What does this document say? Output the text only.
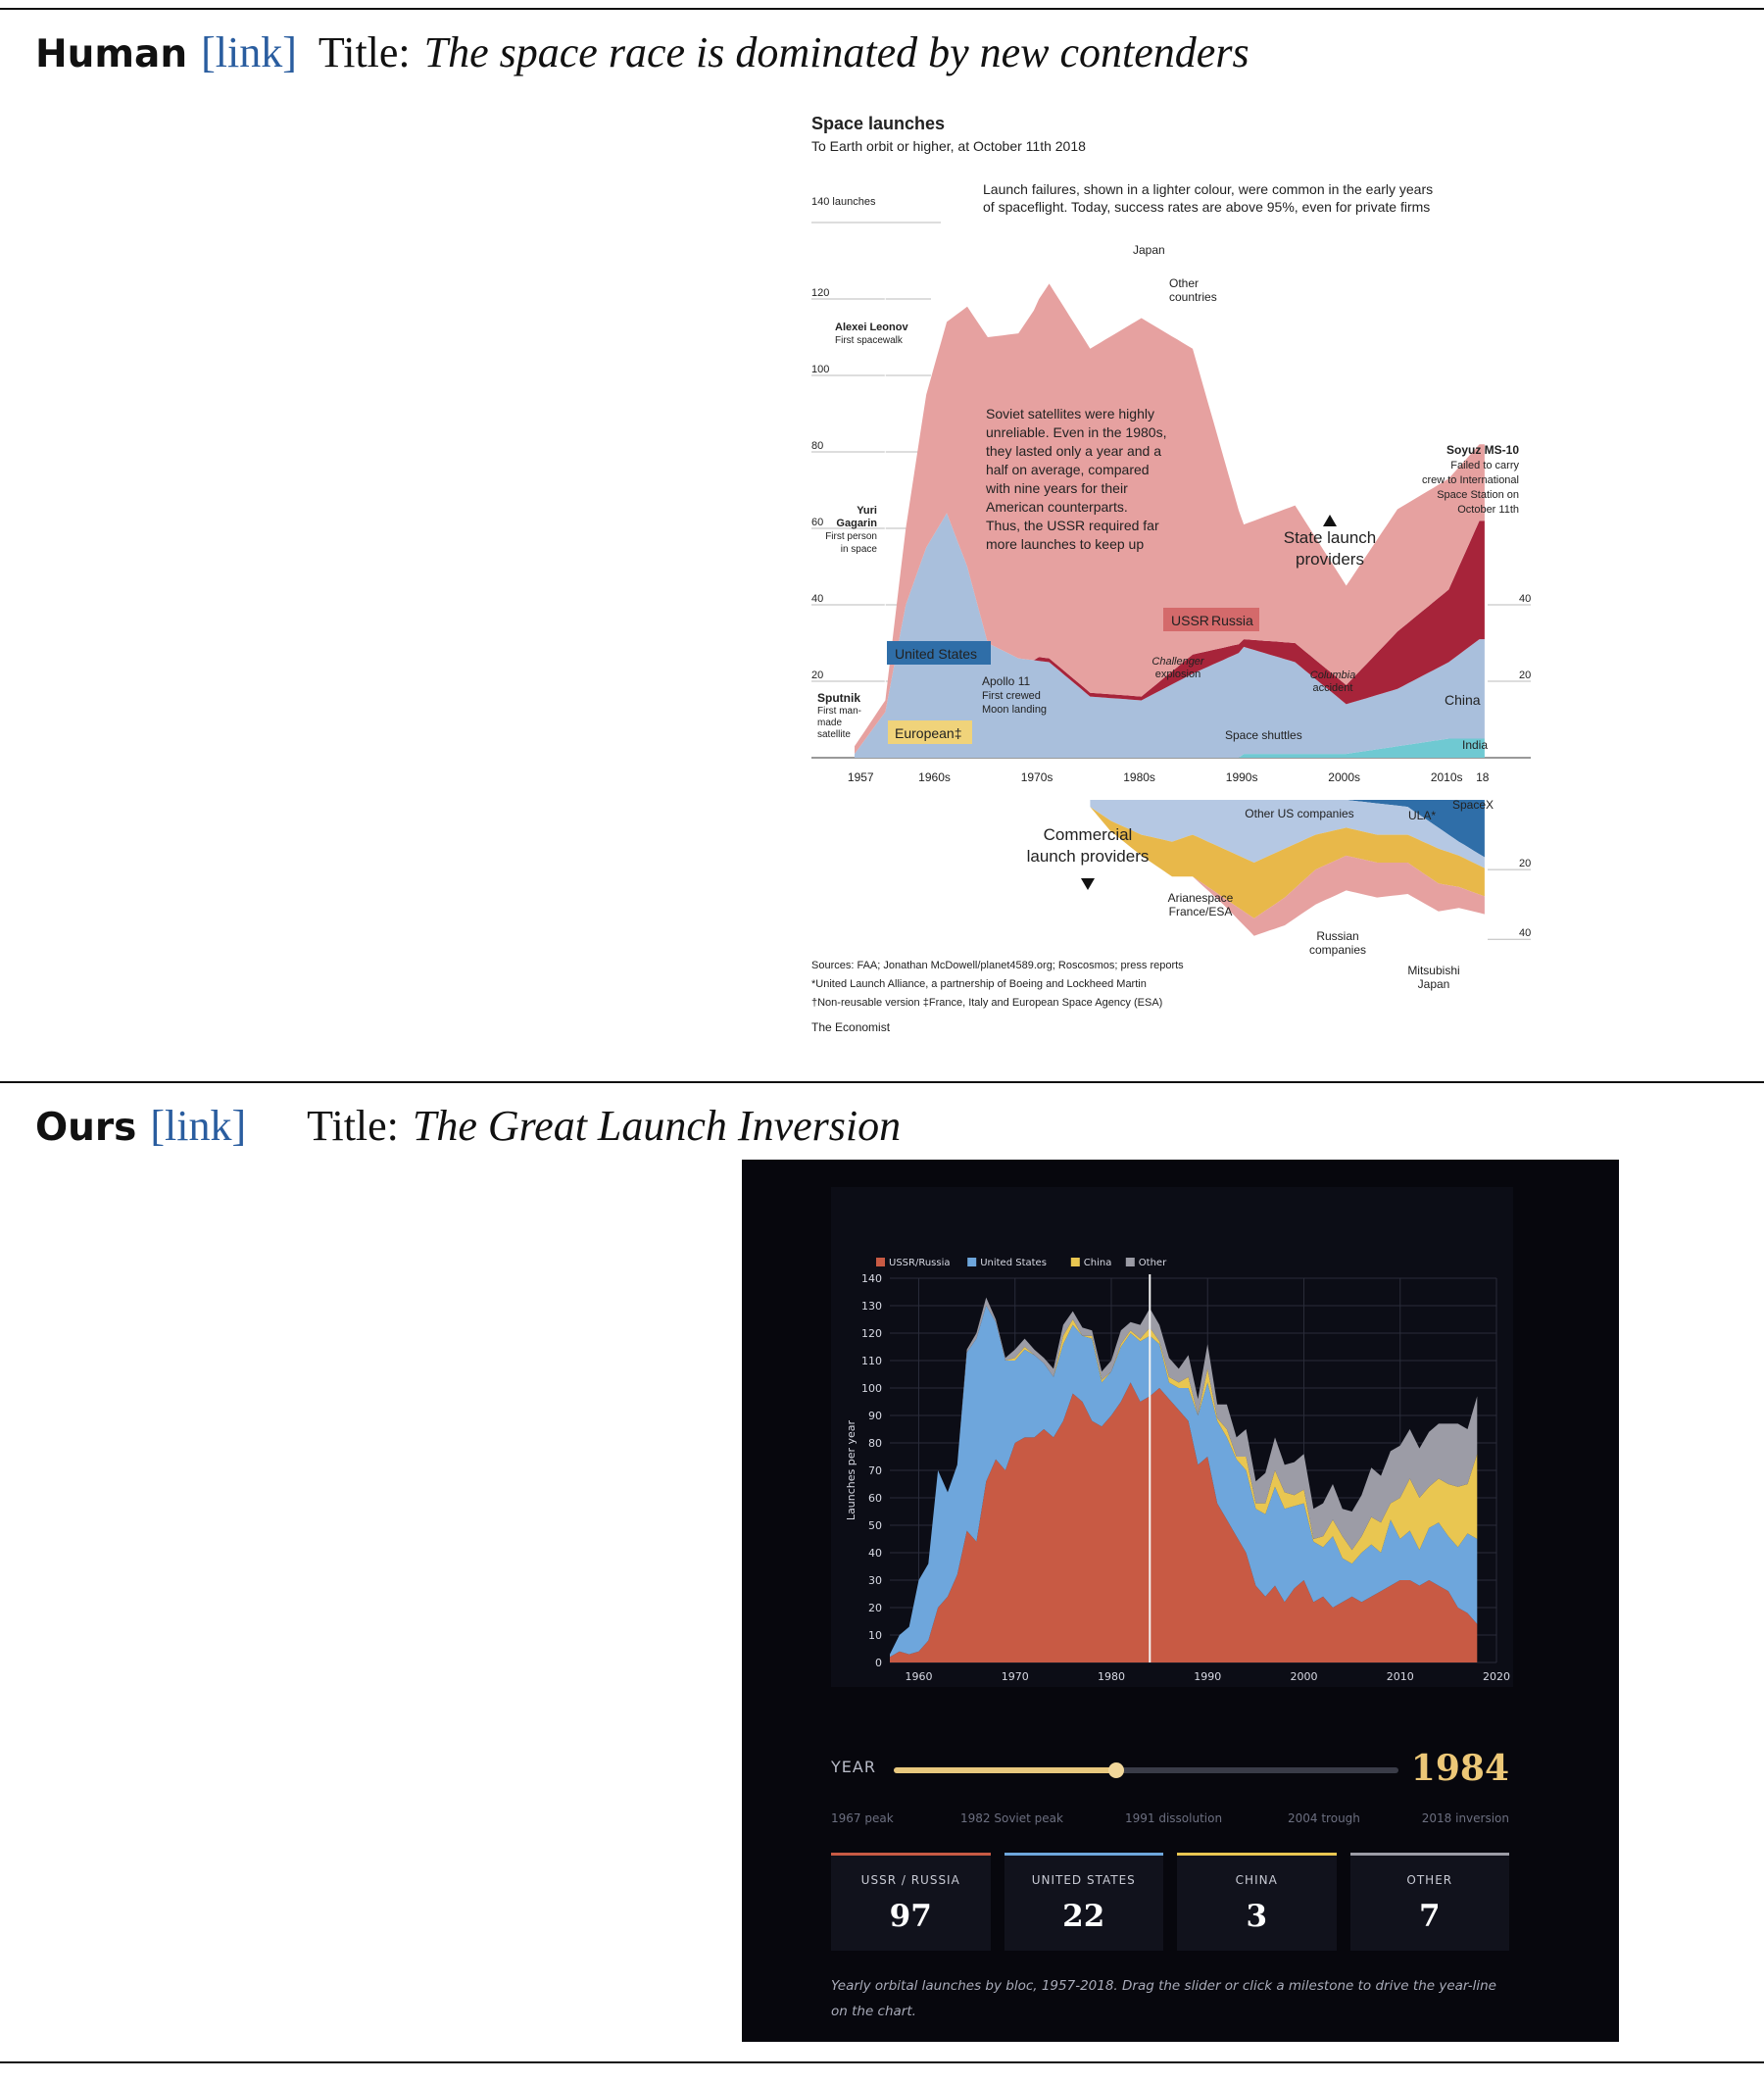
Human [link] Title: The space race is dominated by new contenders
Space launches
To Earth orbit or higher, at October 11th 2018
Launch failures, shown in a lighter colour, were common in the early years
of spaceflight. Today, success rates are above 95%, even for private firms
140 launches
120
100
80
60
40
20
40
20
1957	1960s	1970s	1980s	1990s	2000s	2010s 18
20
40
Japan
Other
countries
Alexei Leonov
First spacewalk
Soviet satellites were highly
unreliable. Even in the 1980s,
they lasted only a year and a
half on average, compared
with nine years for their
American counterparts.
Thus, the USSR required far
more launches to keep up
Soyuz MS-10
Failed to carry
crew to International
Space Station on
October 11th
Yuri
Gagarin
First person
in space
State launch
providers
USSR Russia
United States
Apollo 11
First crewed
Moon landing
Challenger
explosion	Columbia
accident
China
India
Sputnik
First man-
made
satellite	European‡	Space shuttles
Commercial
launch providers
Other US companies	ULA*
SpaceX
Arianespace
France/ESA
Russian
companies
Mitsubishi
Japan
Sources: FAA; Jonathan McDowell/planet4589.org; Roscosmos; press reports
*United Launch Alliance, a partnership of Boeing and Lockheed Martin
†Non-reusable version ‡France, Italy and European Space Agency (ESA)
The Economist
Ours [link] Title: The Great Launch Inversion
0
10
20
30
40
50
60
70
80
90
100
110
120
130
140
1960	1970	1980	1990	2000	2010	2020
Launches per year
USSR/Russia	United States	China	Other
YEAR	1984
1967 peak	1982 Soviet peak	1991 dissolution	2004 trough	2018 inversion
USSR / RUSSIA
97
UNITED STATES
22
CHINA
3
OTHER
7
Yearly orbital launches by bloc, 1957-2018. Drag the slider or click a milestone to drive the year-line
on the chart.
